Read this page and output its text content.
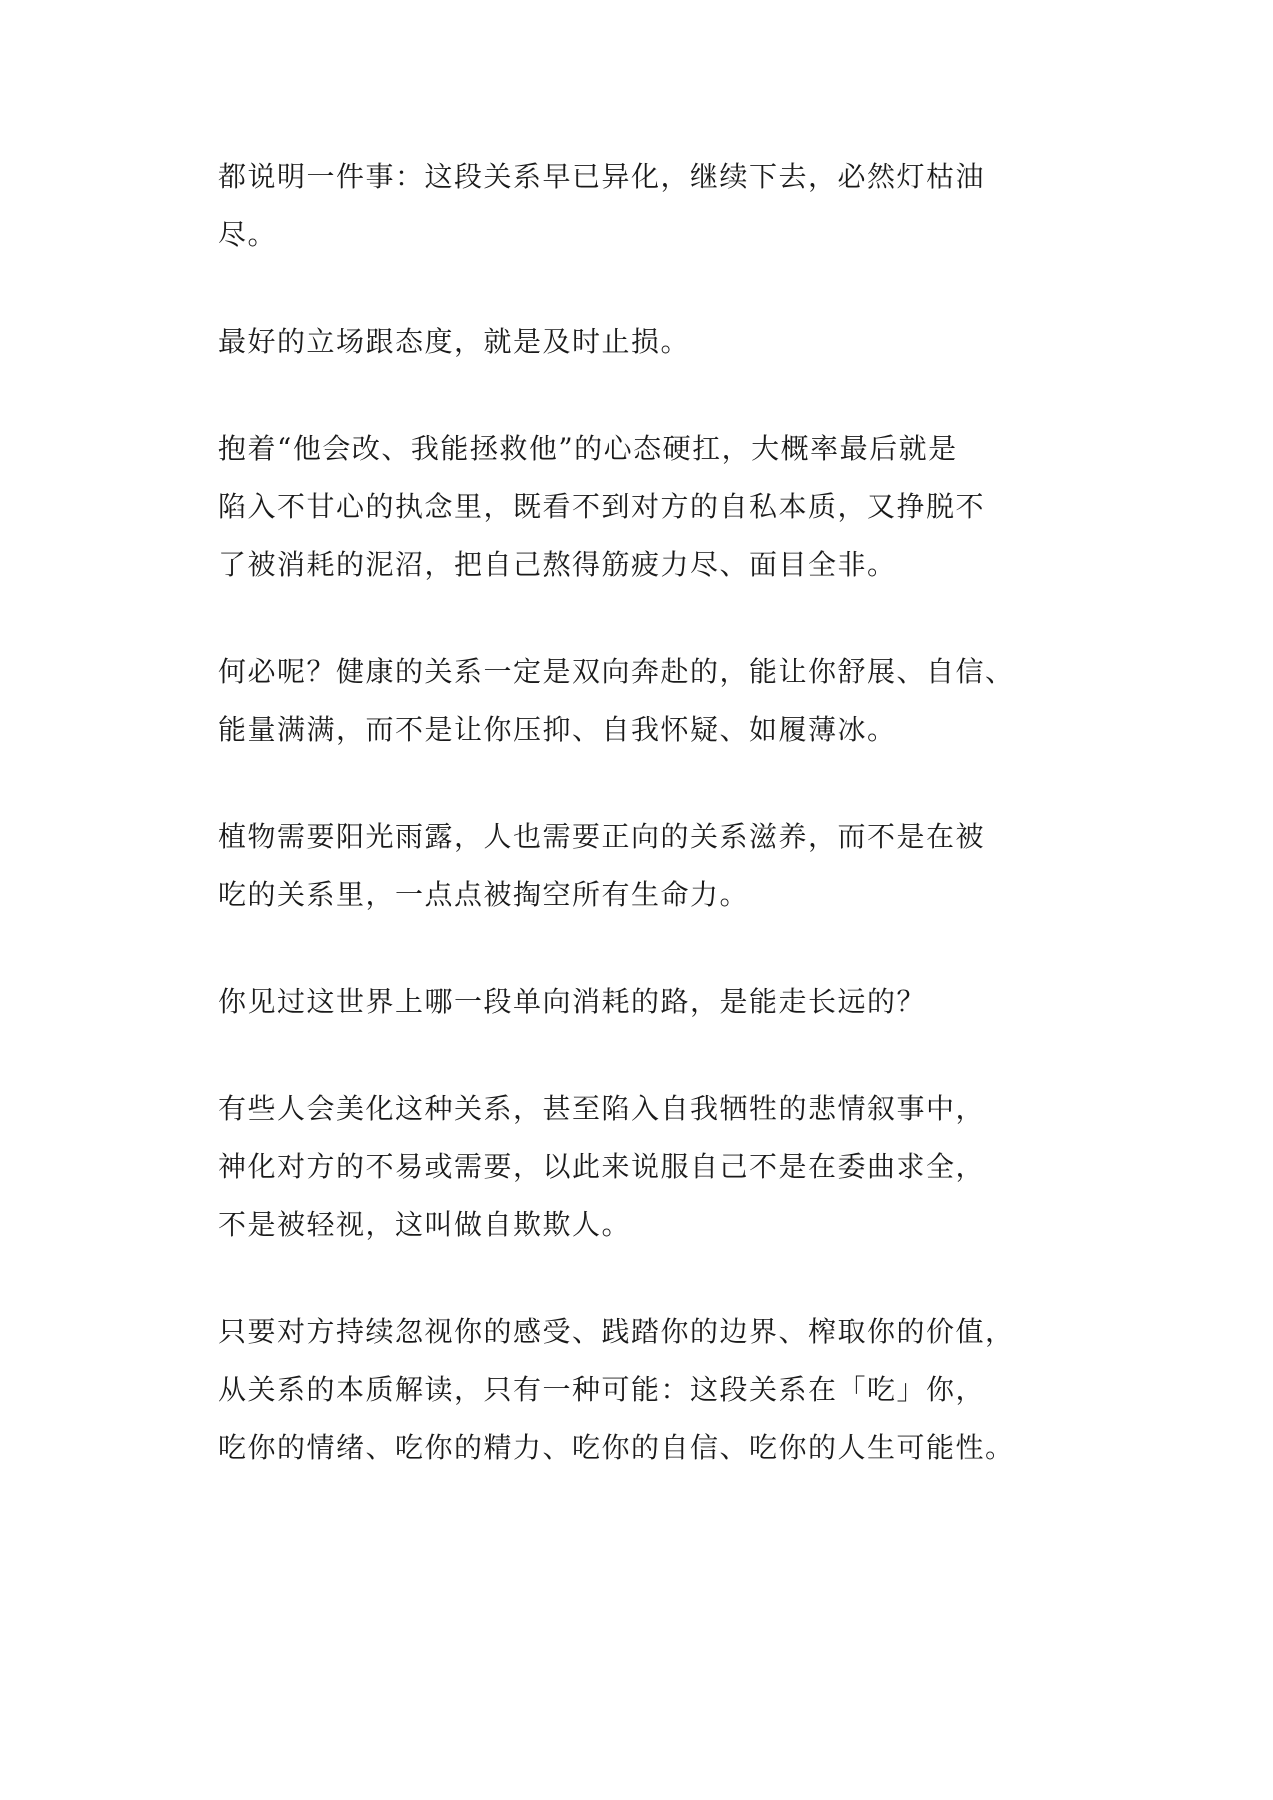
都说明一件事：这段关系早已异化，继续下去，必然灯枯油
尽。

最好的立场跟态度，就是及时止损。

抱着“他会改、我能拯救他”的心态硬扛，大概率最后就是
陷入不甘心的执念里，既看不到对方的自私本质，又挣脱不
了被消耗的泥沼，把自己熬得筋疲力尽、面目全非。

何必呢？健康的关系一定是双向奔赴的，能让你舒展、自信、
能量满满，而不是让你压抑、自我怀疑、如履薄冰。

植物需要阳光雨露，人也需要正向的关系滋养，而不是在被
吃的关系里，一点点被掏空所有生命力。

你见过这世界上哪一段单向消耗的路，是能走长远的？

有些人会美化这种关系，甚至陷入自我牺牲的悲情叙事中，
神化对方的不易或需要，以此来说服自己不是在委曲求全，
不是被轻视，这叫做自欺欺人。

只要对方持续忽视你的感受、践踏你的边界、榨取你的价值，
从关系的本质解读，只有一种可能：这段关系在「吃」你，
吃你的情绪、吃你的精力、吃你的自信、吃你的人生可能性。
